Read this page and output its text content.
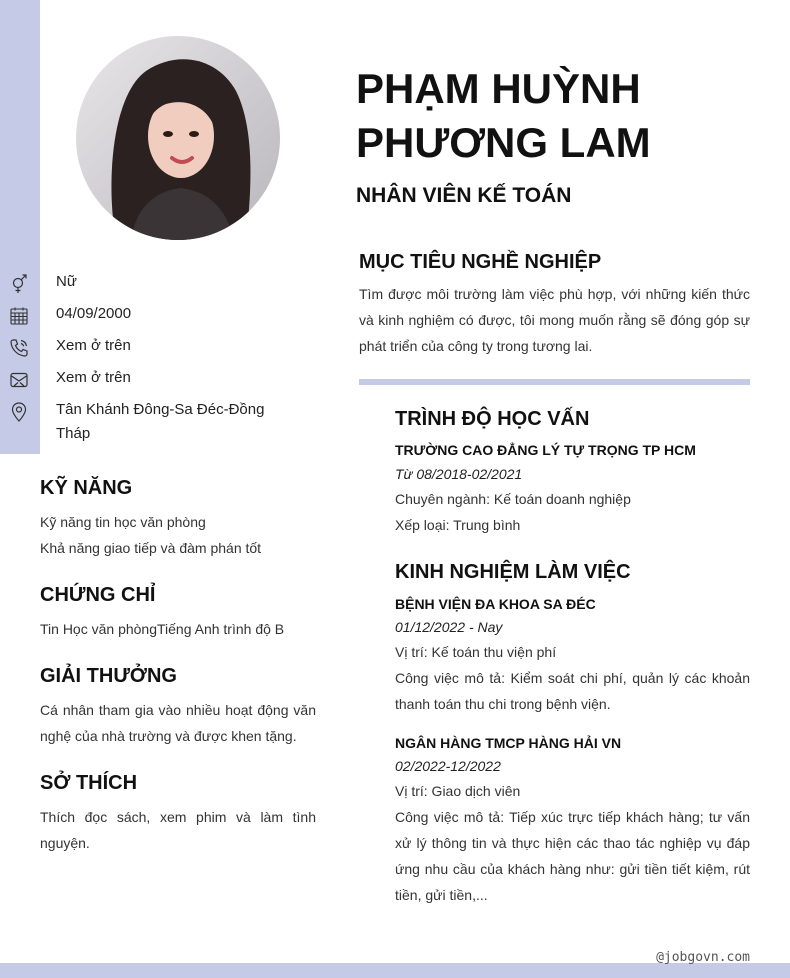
PHẠM HUỲNH PHƯƠNG LAM
NHÂN VIÊN KẾ TOÁN
Nữ
04/09/2000
Xem ở trên
Xem ở trên
Tân Khánh Đông-Sa Đéc-Đồng Tháp
KỸ NĂNG
Kỹ năng tin học văn phòng
Khả năng giao tiếp và đàm phán tốt
CHỨNG CHỈ
Tin Học văn phòngTiếng Anh trình độ B
GIẢI THƯỞNG

Cá nhân tham gia vào nhiều hoạt động văn nghệ của nhà trường và được khen tặng.

SỞ THÍCH

Thích đọc sách, xem phim và làm tình nguyện.

MỤC TIÊU NGHỀ NGHIỆP

Tìm được môi trường làm việc phù hợp, với những kiến thức và kinh nghiệm có được, tôi mong muốn rằng sẽ đóng góp sự phát triển của công ty trong tương lai.

TRÌNH ĐỘ HỌC VẤN
TRƯỜNG CAO ĐẲNG LÝ TỰ TRỌNG TP HCM
Từ 08/2018-02/2021
Chuyên ngành: Kế toán doanh nghiệp
Xếp loại: Trung bình
KINH NGHIỆM LÀM VIỆC
BỆNH VIỆN ĐA KHOA SA ĐÉC
01/12/2022 - Nay
Vị trí: Kế toán thu viện phí

Công việc mô tả: Kiểm soát chi phí, quản lý các khoản thanh toán thu chi trong bệnh viện.

NGÂN HÀNG TMCP HÀNG HẢI VN
02/2022-12/2022
Vị trí: Giao dịch viên

Công việc mô tả: Tiếp xúc trực tiếp khách hàng; tư vấn xử lý thông tin và thực hiện các thao tác nghiệp vụ đáp ứng nhu cầu của khách hàng như: gửi tiền tiết kiệm, rút tiền, gửi tiền,...

@jobgovn.com
